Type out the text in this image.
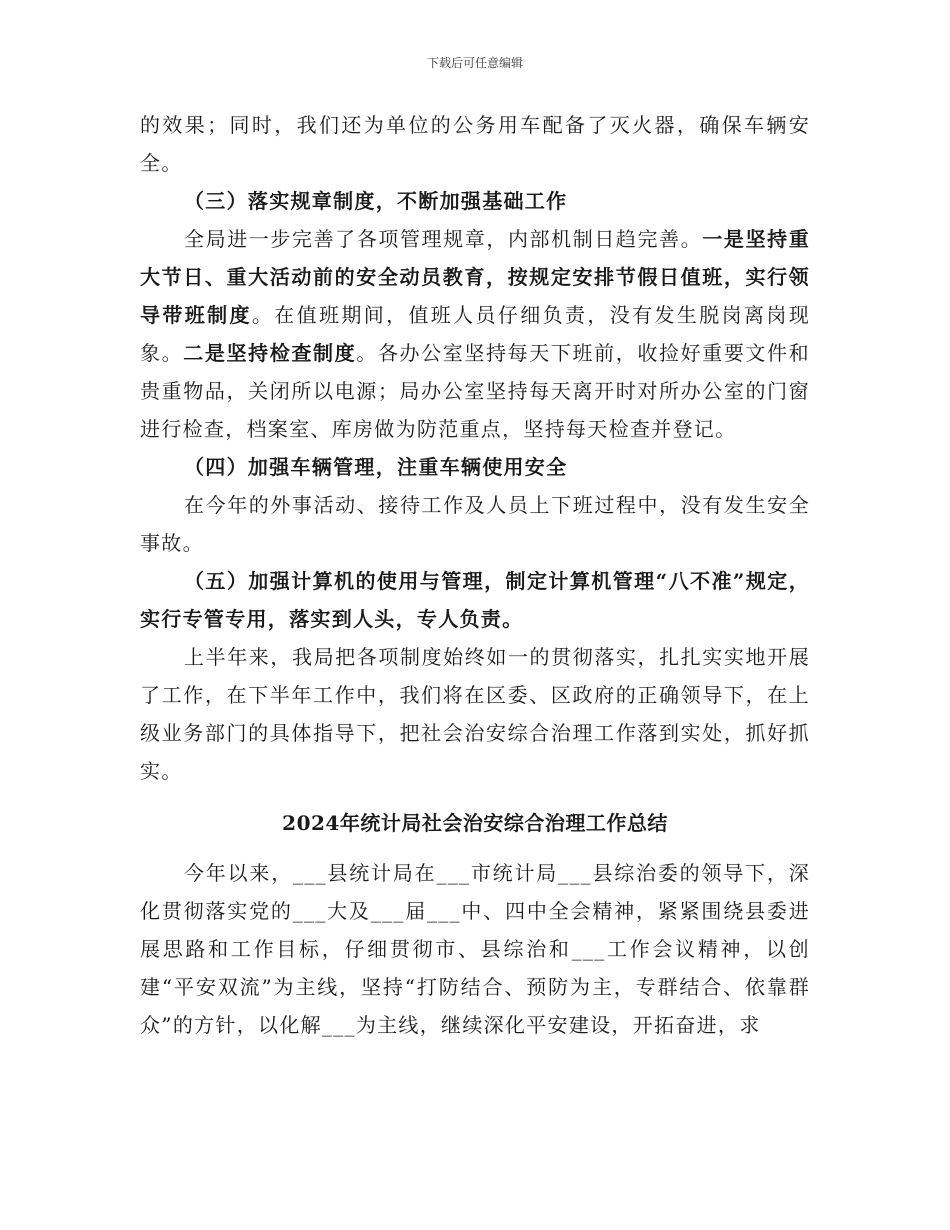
下载后可任意编辑

的效果；同时，我们还为单位的公务用车配备了灭火器，确保车辆安全。

（三）落实规章制度，不断加强基础工作

全局进一步完善了各项管理规章，内部机制日趋完善。一是坚持重大节日、重大活动前的安全动员教育，按规定安排节假日值班，实行领导带班制度。在值班期间，值班人员仔细负责，没有发生脱岗离岗现象。二是坚持检查制度。各办公室坚持每天下班前，收捡好重要文件和贵重物品，关闭所以电源；局办公室坚持每天离开时对所办公室的门窗进行检查，档案室、库房做为防范重点，坚持每天检查并登记。

（四）加强车辆管理，注重车辆使用安全

在今年的外事活动、接待工作及人员上下班过程中，没有发生安全事故。

（五）加强计算机的使用与管理，制定计算机管理“八不准”规定，实行专管专用，落实到人头，专人负责。

上半年来，我局把各项制度始终如一的贯彻落实，扎扎实实地开展了工作，在下半年工作中，我们将在区委、区政府的正确领导下，在上级业务部门的具体指导下，把社会治安综合治理工作落到实处，抓好抓实。

2024年统计局社会治安综合治理工作总结

今年以来，___县统计局在___市统计局___县综治委的领导下，深化贯彻落实党的___大及___届___中、四中全会精神，紧紧围绕县委进展思路和工作目标，仔细贯彻市、县综治和___工作会议精神，以创建“平安双流”为主线，坚持“打防结合、预防为主，专群结合、依靠群众”的方针，以化解___为主线，继续深化平安建设，开拓奋进，求
